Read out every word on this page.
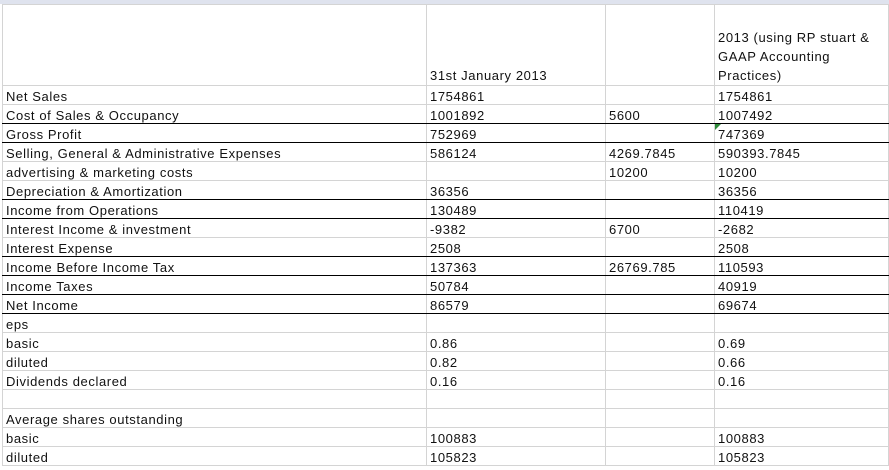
	31st January 2013		2013 (using RP stuart & GAAP Accounting Practices)
Net Sales	1754861		1754861
Cost of Sales & Occupancy	1001892	5600	1007492
Gross Profit	752969		747369
Selling, General & Administrative Expenses	586124	4269.7845	590393.7845
advertising & marketing costs		10200	10200
Depreciation & Amortization	36356		36356
Income from Operations	130489		110419
Interest Income & investment	-9382	6700	-2682
Interest Expense	2508		2508
Income Before Income Tax	137363	26769.785	110593
Income Taxes	50784		40919
Net Income	86579		69674
eps			
basic	0.86		0.69
diluted	0.82		0.66
Dividends declared	0.16		0.16

Average shares outstanding			
basic	100883		100883
diluted	105823		105823
